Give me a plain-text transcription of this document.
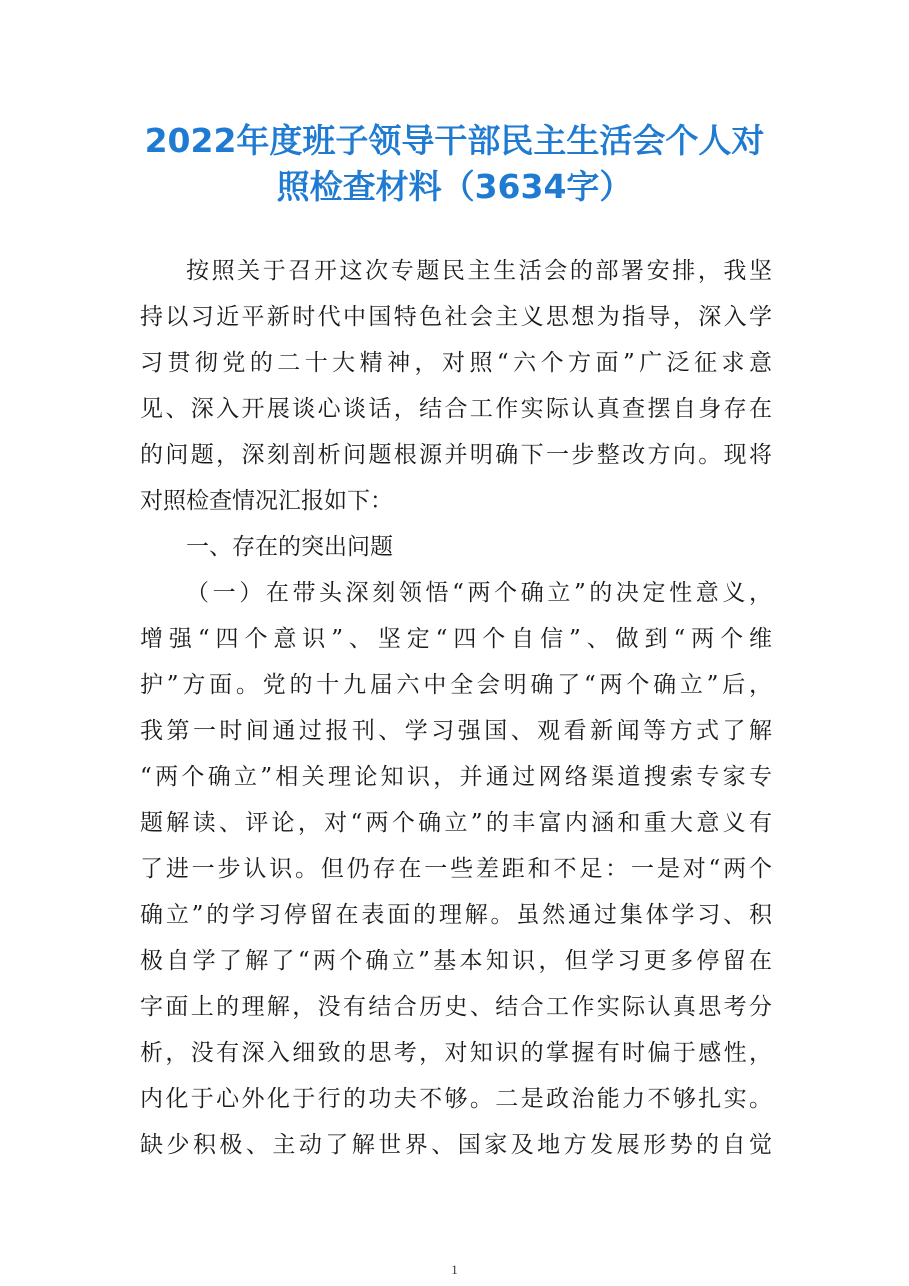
2022年度班子领导干部民主生活会个人对
照检查材料（3634字）
按照关于召开这次专题民主生活会的部署安排，我坚
持以习近平新时代中国特色社会主义思想为指导，深入学
习贯彻党的二十大精神，对照“六个方面”广泛征求意
见、深入开展谈心谈话，结合工作实际认真查摆自身存在
的问题，深刻剖析问题根源并明确下一步整改方向。现将
对照检查情况汇报如下：
一、存在的突出问题
（一）在带头深刻领悟“两个确立”的决定性意义，
增强“四个意识”、坚定“四个自信”、做到“两个维
护”方面。党的十九届六中全会明确了“两个确立”后，
我第一时间通过报刊、学习强国、观看新闻等方式了解
“两个确立”相关理论知识，并通过网络渠道搜索专家专
题解读、评论，对“两个确立”的丰富内涵和重大意义有
了进一步认识。但仍存在一些差距和不足：一是对“两个
确立”的学习停留在表面的理解。虽然通过集体学习、积
极自学了解了“两个确立”基本知识，但学习更多停留在
字面上的理解，没有结合历史、结合工作实际认真思考分
析，没有深入细致的思考，对知识的掌握有时偏于感性，
内化于心外化于行的功夫不够。二是政治能力不够扎实。
缺少积极、主动了解世界、国家及地方发展形势的自觉
1
